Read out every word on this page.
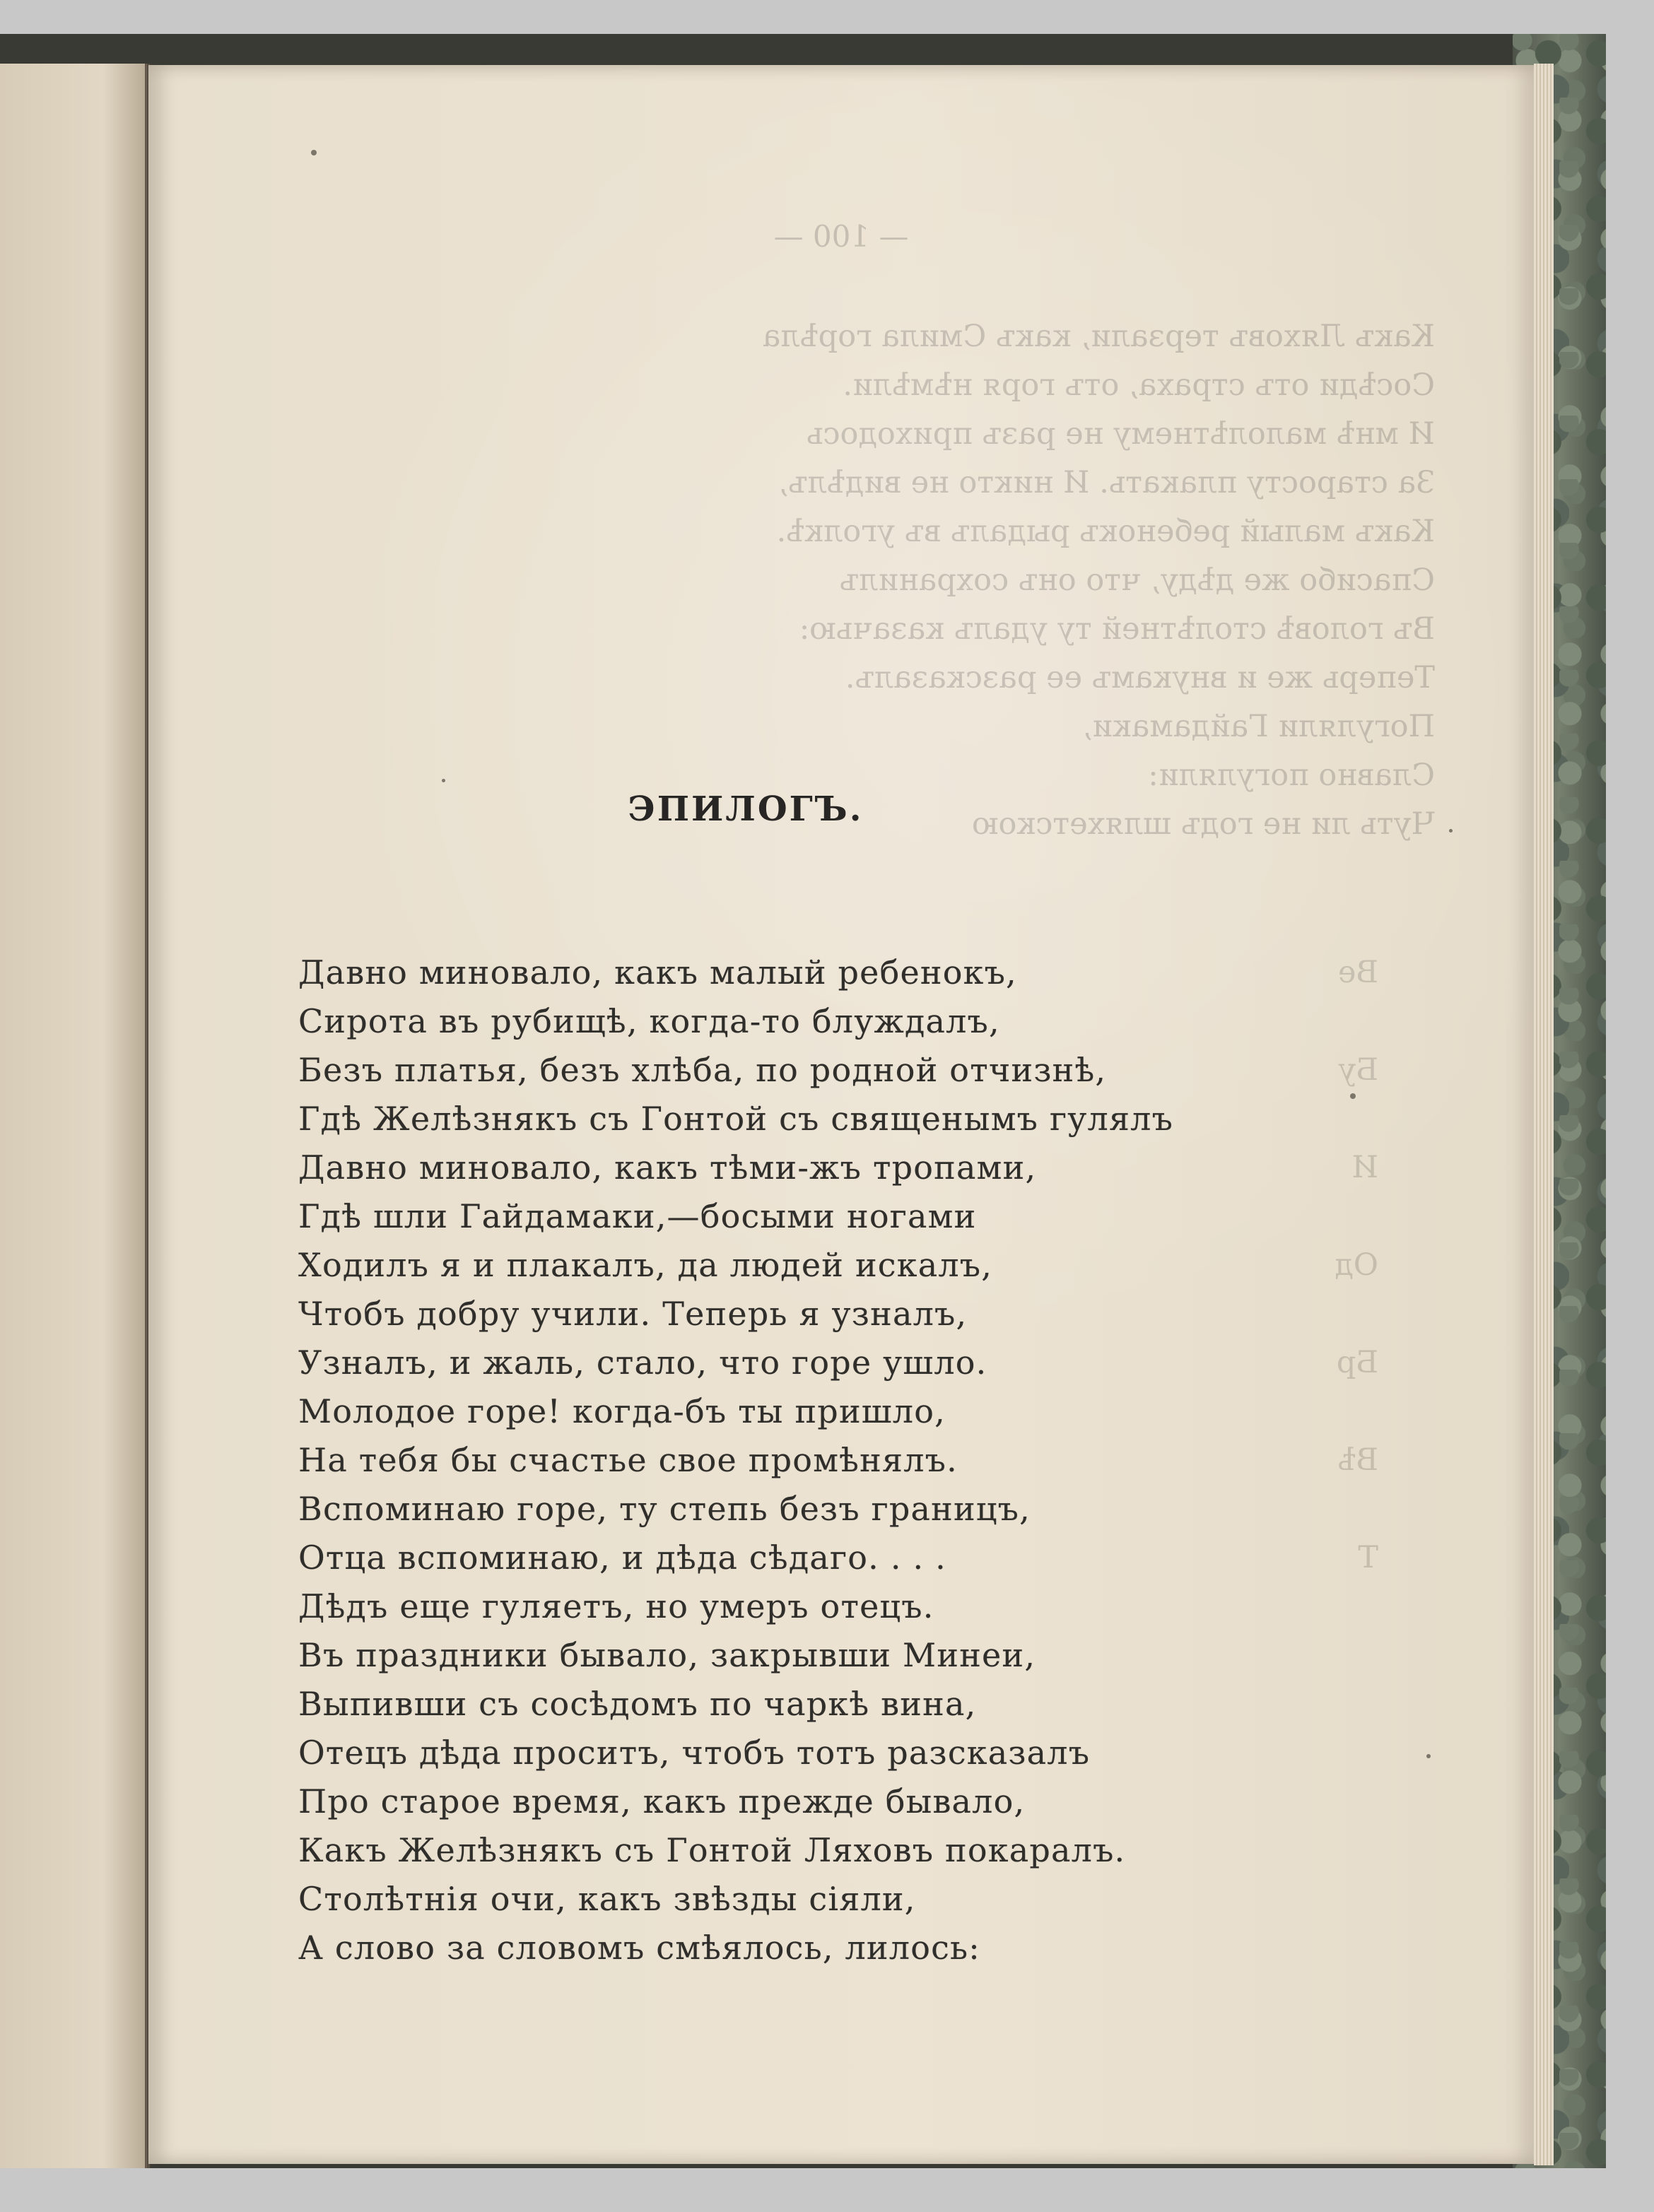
— 100 —
Какъ Ляховъ терзали, какъ Смила горѣла
Сосѣди отъ страха, отъ горя нѣмѣли.
И мнѣ малолѣтнему не разъ приходось
За старосту плакать. И никто не видѣлъ,
Какъ малый ребенокъ рыдалъ въ уголкѣ.
Спасибо же дѣду, что онъ сохранилъ
Въ головѣ столѣтней ту удалъ казачью:
Теперь же и внукамъ ее разсказалъ.
Погуляли Гайдамаки,
Славно погуляли:
Чуть ли не годъ шляхетскою
Ве
Бу
И
Од
Бр
Вѣ
Т
ЭПИЛОГЪ.
Давно миновало, какъ малый ребенокъ,
Сирота въ рубищѣ, когда-то блуждалъ,
Безъ платья, безъ хлѣба, по родной отчизнѣ,
Гдѣ Желѣзнякъ съ Гонтой съ священымъ гулялъ
Давно миновало, какъ тѣми-жъ тропами,
Гдѣ шли Гайдамаки,—босыми ногами
Ходилъ я и плакалъ, да людей искалъ,
Чтобъ добру учили. Теперь я узналъ,
Узналъ, и жаль, стало, что горе ушло.
Молодое горе! когда-бъ ты пришло,
На тебя бы счастье свое промѣнялъ.
Вспоминаю горе, ту степь безъ границъ,
Отца вспоминаю, и дѣда сѣдаго. . . .
Дѣдъ еще гуляетъ, но умеръ отецъ.
Въ праздники бывало, закрывши Минеи,
Выпивши съ сосѣдомъ по чаркѣ вина,
Отецъ дѣда проситъ, чтобъ тотъ разсказалъ
Про старое время, какъ прежде бывало,
Какъ Желѣзнякъ съ Гонтой Ляховъ покаралъ.
Столѣтнія очи, какъ звѣзды сіяли,
А слово за словомъ смѣялось, лилось:
